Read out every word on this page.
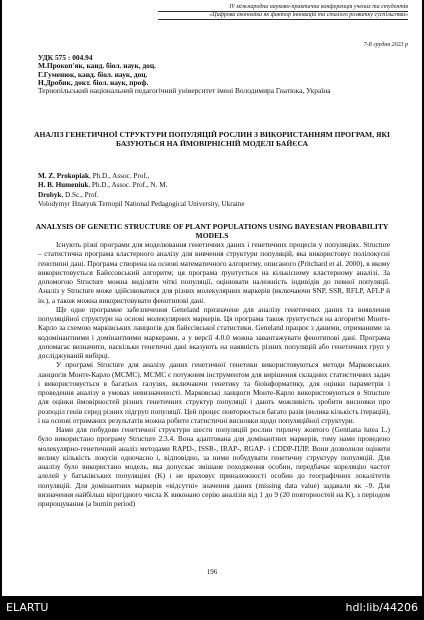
IV міжнародна науково-практична конференція учених та студентів
«Цифрова економіка як фактор інновацій та сталого розвитку суспільства»
7-8 грудня 2023 р
УДК 575 : 004.94
М.Прокоп'як, канд. біол. наук, доц.
Г.Гуменюк, канд. біол. наук, доц.
Н.Дробик, докт. біол. наук, проф.
Тернопільський національний педагогічний університет імені Володимира Гнатюка, Україна
АНАЛІЗ ГЕНЕТИЧНОЇ СТРУКТУРИ ПОПУЛЯЦІЙ РОСЛИН З ВИКОРИСТАННЯМ ПРОГРАМ, ЯКІ БАЗУЮТЬСЯ НА ЙМОВІРНІСНІЙ МОДЕЛІ БАЙЄСА
M. Z. Prokopiak, Ph.D., Assoc. Prof.,
H. B. Humeniuk, Ph.D., Assoc. Prof., N. M.
Drobyk, D.Sc., Prof.
Volodymyr Hnatyuk Ternopil National Pedagogical University, Ukraine
ANALYSIS OF GENETIC STRUCTURE OF PLANT POPULATIONS USING BAYESIAN PROBABILITY MODELS

Існують різні програми для моделювання генетичних даних і генетичних процесів у популяціях. Structure – статистична програма кластерного аналізу для вивчення структури популяцій, яка використовує полілокусні генотипні дані. Програма створена на основі математичного алгоритму, описаного (Pritchard et al. 2000), в якому використовується Байєсовський алгоритм; ця програма ґрунтується на кількісному кластерному аналізі. За допомогою Structure можна виділяти чіткі популяції, оцінювати належність індивідів до певної популяції. Аналіз у Structure може здійснюватися для різних молекулярних маркерів (включаючи SNP, SSR, RFLP, AFLP й ін.), а також можна використовувати фенотипові дані.

Ще одне програмне забезпечення Geneland призначене для аналізу генетичних даних та виявлення популяційної структури на основі молекулярних маркерів. Ця програма також ґрунтується на алгоритмі Монте-Карло за схемою марківських ланцюгів для байєсівської статистики. Geneland працює з даними, отриманими за кодомінантними і домінантними маркерами, а у версії 4.0.0 можна завантажувати фенотипові дані. Програма допомагає визначити, наскільки генетичні дані вказують на наявність різних популяцій або генетичних груп у досліджуваній вибірці.

У програмі Structure для аналізу даних генетичної генетики використовуються методи Марковських ланцюгів Монте-Карло (MCMC). MCMC є потужним інструментом для вирішення складних статистичних задач і використовується в багатьох галузях, включаючи генетику та біоінформатику, для оцінки параметрів і проведення аналізу в умовах невизначеності. Марковські ланцюги Монте-Карло використовуються в Structure для оцінки ймовірностей різних генетичних структур популяції і дають можливість зробити висновки про розподіл генів серед різних підгруп популяції. Цей процес повторюється багато разів (велика кількість ітерацій), і на основі отриманих результатів можна робити статистичні висновки щодо популяційної структури.

Нами для побудови генетичної структури шести популяцій рослин тирличу жовтого (Gentiana lutea L.) було використано програму Structure 2.3.4. Вона адаптована для домінантних маркерів, тому нами проведено молекулярно-генетичний аналіз методами RAPD-, ISSR-, IRAP-, RGAP- і CDDP-ПЛР. Вони дозволили оцінити велику кількість локусів одночасно і, відповідно, за ними побудувати генетичну структуру популяцій. Для аналізу було використано модель, яка допускає змішане походження особин, передбачає кореляцію частот алелей у батьківських популяціях (K) і не враховує приналежності особин до географічних локалітетів популяцій. Для домінантних маркерів «відсутні» значення даних (missing data value) задавали як –9. Для визначення найбільш вірогідного числа K виконано серію аналізів від 1 до 9 (20 повторностей на K), з періодом прирощування (a burnin period)

196
ELARTU	hdl:lib/44206
